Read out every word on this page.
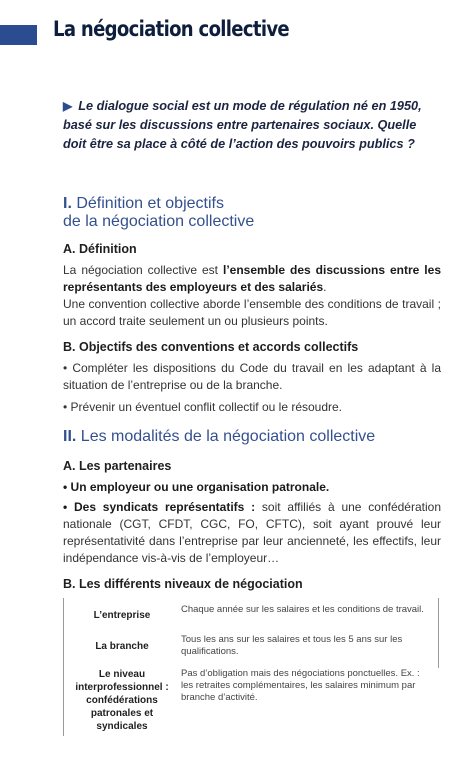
La négociation collective

▶ Le dialogue social est un mode de régulation né en 1950, basé sur les discussions entre partenaires sociaux. Quelle doit être sa place à côté de l’action des pouvoirs publics ?

I. Définition et objectifs
de la négociation collective
A. Définition

La négociation collective est l’ensemble des discussions entre les représentants des employeurs et des salariés.

Une convention collective aborde l’ensemble des conditions de travail ; un accord traite seulement un ou plusieurs points.

B. Objectifs des conventions et accords collectifs

• Compléter les dispositions du Code du travail en les adaptant à la situation de l’entreprise ou de la branche.

• Prévenir un éventuel conflit collectif ou le résoudre.

II. Les modalités de la négociation collective
A. Les partenaires

• Un employeur ou une organisation patronale.

• Des syndicats représentatifs : soit affiliés à une confédération nationale (CGT, CFDT, CGC, FO, CFTC), soit ayant prouvé leur représentativité dans l’entreprise par leur ancienneté, les effectifs, leur indépendance vis-à-vis de l’employeur…

B. Les différents niveaux de négociation
L’entreprise
Chaque année sur les salaires et les conditions de travail.
La branche
Tous les ans sur les salaires et tous les 5 ans sur les qualifications.
Le niveau interprofessionnel : confédérations patronales et syndicales
Pas d’obligation mais des négociations ponctuelles. Ex. : les retraites complémentaires, les salaires minimum par branche d’activité.
